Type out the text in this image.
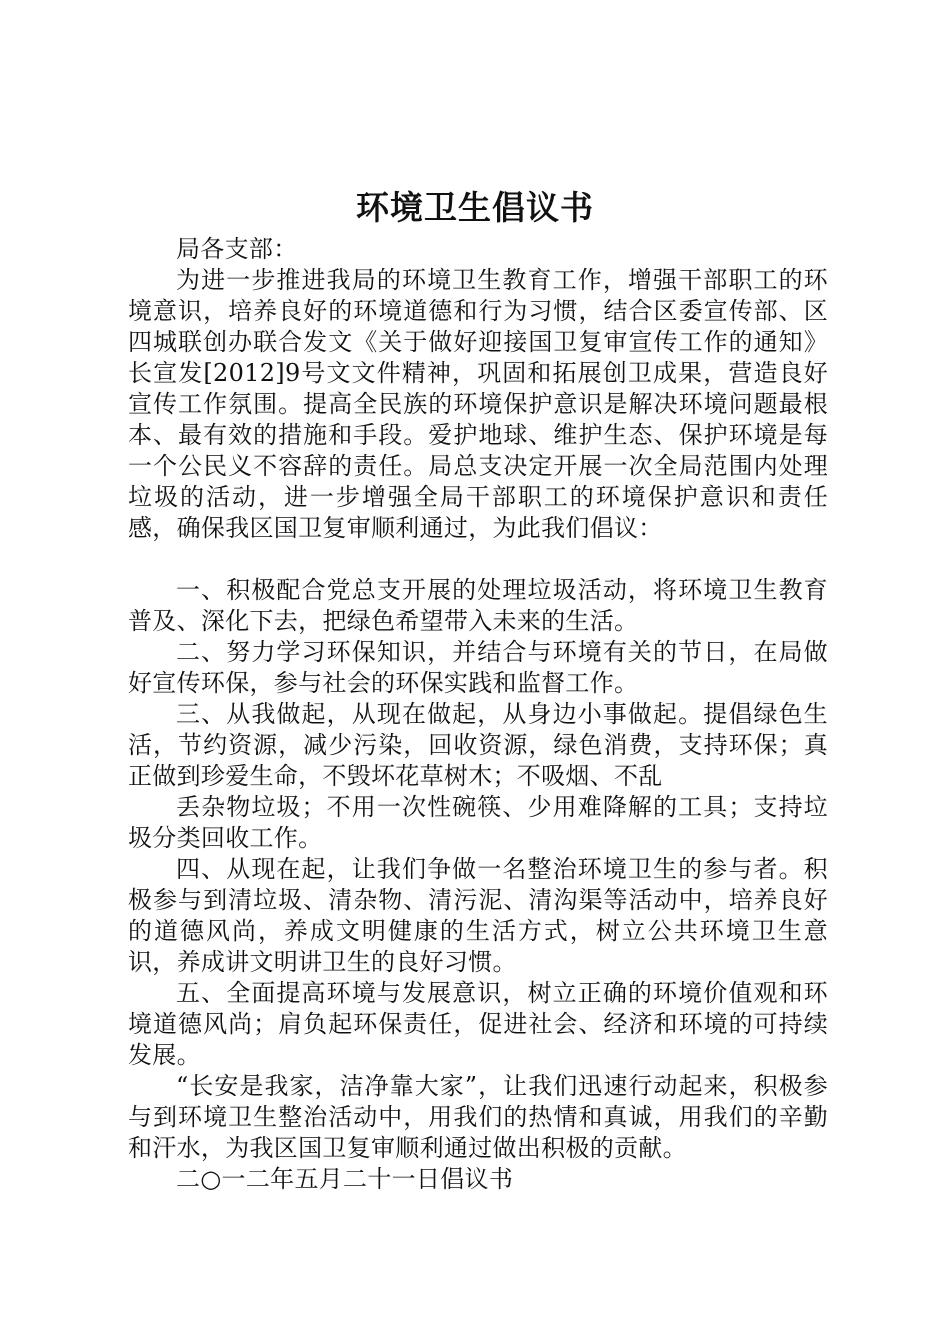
环境卫生倡议书

局各支部：

为进一步推进我局的环境卫生教育工作，增强干部职工的环境意识，培养良好的环境道德和行为习惯，结合区委宣传部、区四城联创办联合发文《关于做好迎接国卫复审宣传工作的通知》长宣发[2012]9号文文件精神，巩固和拓展创卫成果，营造良好宣传工作氛围。提高全民族的环境保护意识是解决环境问题最根本、最有效的措施和手段。爱护地球、维护生态、保护环境是每一个公民义不容辞的责任。局总支决定开展一次全局范围内处理垃圾的活动，进一步增强全局干部职工的环境保护意识和责任感，确保我区国卫复审顺利通过，为此我们倡议：

一、积极配合党总支开展的处理垃圾活动，将环境卫生教育普及、深化下去，把绿色希望带入未来的生活。

二、努力学习环保知识，并结合与环境有关的节日，在局做好宣传环保，参与社会的环保实践和监督工作。

三、从我做起，从现在做起，从身边小事做起。提倡绿色生活，节约资源，减少污染，回收资源，绿色消费，支持环保；真正做到珍爱生命，不毁坏花草树木；不吸烟、不乱

丢杂物垃圾；不用一次性碗筷、少用难降解的工具；支持垃圾分类回收工作。

四、从现在起，让我们争做一名整治环境卫生的参与者。积极参与到清垃圾、清杂物、清污泥、清沟渠等活动中，培养良好的道德风尚，养成文明健康的生活方式，树立公共环境卫生意识，养成讲文明讲卫生的良好习惯。

五、全面提高环境与发展意识，树立正确的环境价值观和环境道德风尚；肩负起环保责任，促进社会、经济和环境的可持续发展。

“长安是我家，洁净靠大家”，让我们迅速行动起来，积极参与到环境卫生整治活动中，用我们的热情和真诚，用我们的辛勤和汗水，为我区国卫复审顺利通过做出积极的贡献。

二○一二年五月二十一日倡议书
